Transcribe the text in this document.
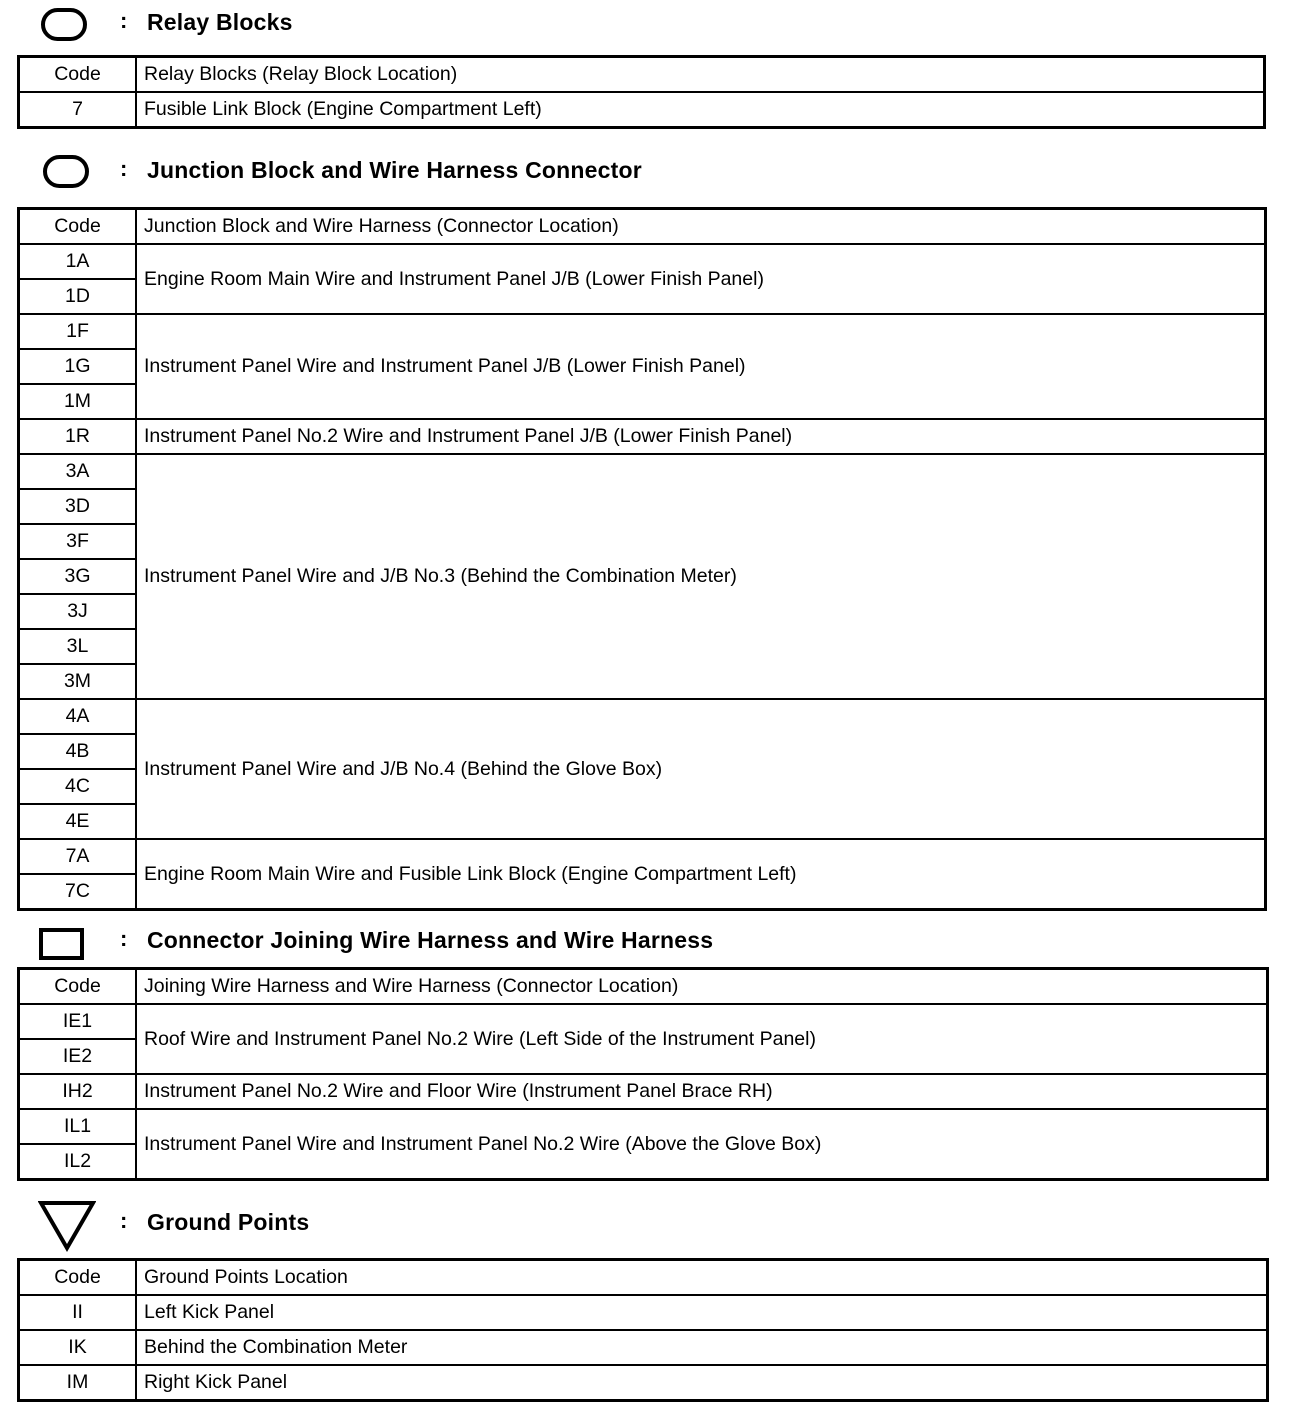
: Relay Blocks
Code	Relay Blocks (Relay Block Location)
7	Fusible Link Block (Engine Compartment Left)
: Junction Block and Wire Harness Connector
Code	Junction Block and Wire Harness (Connector Location)
1A	Engine Room Main Wire and Instrument Panel J/B (Lower Finish Panel)
1D	
1F	Instrument Panel Wire and Instrument Panel J/B (Lower Finish Panel)
1G	
1M	
1R	Instrument Panel No.2 Wire and Instrument Panel J/B (Lower Finish Panel)
3A	Instrument Panel Wire and J/B No.3 (Behind the Combination Meter)
3D	
3F	
3G	
3J	
3L	
3M	
4A	Instrument Panel Wire and J/B No.4 (Behind the Glove Box)
4B	
4C	
4E	
7A	Engine Room Main Wire and Fusible Link Block (Engine Compartment Left)
7C	
: Connector Joining Wire Harness and Wire Harness
Code	Joining Wire Harness and Wire Harness (Connector Location)
IE1	Roof Wire and Instrument Panel No.2 Wire (Left Side of the Instrument Panel)
IE2	
IH2	Instrument Panel No.2 Wire and Floor Wire (Instrument Panel Brace RH)
IL1	Instrument Panel Wire and Instrument Panel No.2 Wire (Above the Glove Box)
IL2	
: Ground Points
Code	Ground Points Location
II	Left Kick Panel
IK	Behind the Combination Meter
IM	Right Kick Panel
